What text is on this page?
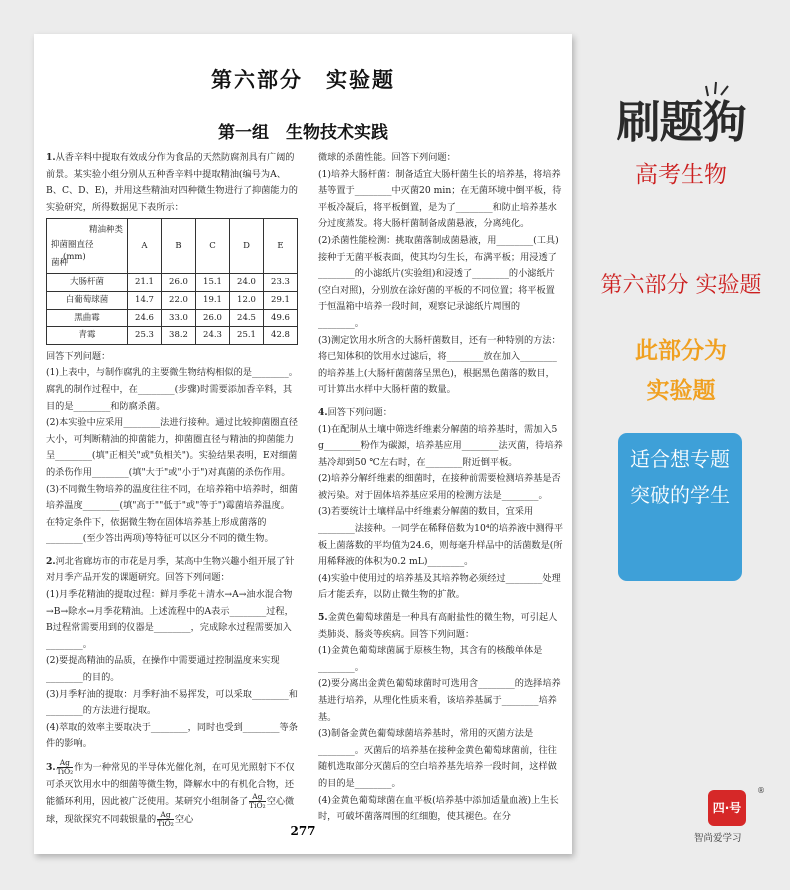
第六部分　实验题
第一组　生物技术实践

1.从香辛料中提取有效成分作为食品的天然防腐剂具有广阔的前景。某实验小组分别从五种香辛料中提取精油(编号为A、B、C、D、E)，并用这些精油对四种微生物进行了抑菌能力的实验研究，所得数据见下表所示：

精油种类
抑菌圈直径
(mm)
菌种	A	B	C	D	E
大肠杆菌	21.1	26.0	15.1	24.0	23.3
白葡萄球菌	14.7	22.0	19.1	12.0	29.1
黑曲霉	24.6	33.0	26.0	24.5	49.6
青霉	25.3	38.2	24.3	25.1	42.8

回答下列问题：

(1)上表中，与制作腐乳的主要微生物结构相似的是________。腐乳的制作过程中，在________(步骤)时需要添加香辛料，其目的是________和防腐杀菌。

(2)本实验中应采用________法进行接种。通过比较抑菌圈直径大小，可判断精油的抑菌能力，抑菌圈直径与精油的抑菌能力呈________(填"正相关"或"负相关")。实验结果表明，E对细菌的杀伤作用________(填"大于"或"小于")对真菌的杀伤作用。

(3)不同微生物培养的温度往往不同，在培养箱中培养时，细菌培养温度________(填"高于""低于"或"等于")霉菌培养温度。在特定条件下，依据微生物在固体培养基上形成菌落的________(至少答出两项)等特征可以区分不同的微生物。

2.河北省廊坊市的市花是月季，某高中生物兴趣小组开展了针对月季产品开发的课题研究。回答下列问题：

(1)月季花精油的提取过程：鲜月季花＋清水→A→油水混合物→B→除水→月季花精油。上述流程中的A表示________过程，B过程常需要用到的仪器是________，完成除水过程需要加入________。

(2)要提高精油的品质，在操作中需要通过控制温度来实现________的目的。

(3)月季籽油的提取：月季籽油不易挥发，可以采取________和________的方法进行提取。

(4)萃取的效率主要取决于________，同时也受到________等条件的影响。

3. $\frac{Ag}{\text{TiO₂}}$ 作为一种常见的半导体光催化剂，在可见光照射下不仅可杀灭饮用水中的细菌等微生物，降解水中的有机化合物，还能循环利用，因此被广泛使用。某研究小组制备了 $\frac{Ag}{\text{TiO₂}}$ 空心微球，现欲探究不同载银量的 $\frac{Ag}{\text{TiO₂}}$ 空心

微球的杀菌性能。回答下列问题：

(1)培养大肠杆菌：制备适宜大肠杆菌生长的培养基，将培养基等置于________中灭菌20 min；在无菌环境中倒平板，待平板冷凝后，将平板倒置，是为了________和防止培养基水分过度蒸发。将大肠杆菌制备成菌悬液，分离纯化。

(2)杀菌性能检测：挑取菌落制成菌悬液，用________(工具)接种于无菌平板表面，使其均匀生长，布满平板；用浸透了________的小滤纸片(实验组)和浸透了________的小滤纸片(空白对照)，分别放在涂好菌的平板的不同位置；将平板置于恒温箱中培养一段时间，观察记录滤纸片周围的________。

(3)测定饮用水所含的大肠杆菌数目，还有一种特别的方法：将已知体积的饮用水过滤后，将________放在加入________的培养基上(大肠杆菌菌落呈黑色)，根据黑色菌落的数目，可计算出水样中大肠杆菌的数量。

4.回答下列问题：

(1)在配制从土壤中筛选纤维素分解菌的培养基时，需加入5 g________粉作为碳源，培养基应用________法灭菌，待培养基冷却到50 ℃左右时，在________附近倒平板。

(2)培养分解纤维素的细菌时，在接种前需要检测培养基是否被污染。对于固体培养基应采用的检测方法是________。

(3)若要统计土壤样品中纤维素分解菌的数目，宜采用________法接种。一同学在稀释倍数为10⁴的培养液中测得平板上菌落数的平均值为24.6，则每毫升样品中的活菌数是(所用稀释液的体积为0.2 mL)________。

(4)实验中使用过的培养基及其培养物必须经过________处理后才能丢弃，以防止微生物的扩散。

5.金黄色葡萄球菌是一种具有高耐盐性的微生物，可引起人类肺炎、肠炎等疾病。回答下列问题：

(1)金黄色葡萄球菌属于原核生物，其含有的核酸单体是________。

(2)要分离出金黄色葡萄球菌时可选用含________的选择培养基进行培养，从理化性质来看，该培养基属于________培养基。

(3)制备金黄色葡萄球菌培养基时，常用的灭菌方法是________。灭菌后的培养基在接种金黄色葡萄球菌前，往往随机选取部分灭菌后的空白培养基先培养一段时间，这样做的目的是________。

(4)金黄色葡萄球菌在血平板(培养基中添加适量血液)上生长时，可破坏菌落周围的红细胞，使其褪色。在分

277
刷题狗
高考生物
第六部分 实验题
此部分为
实验题
适合想专题突破的学生
四·号
®
智尚爱学习
